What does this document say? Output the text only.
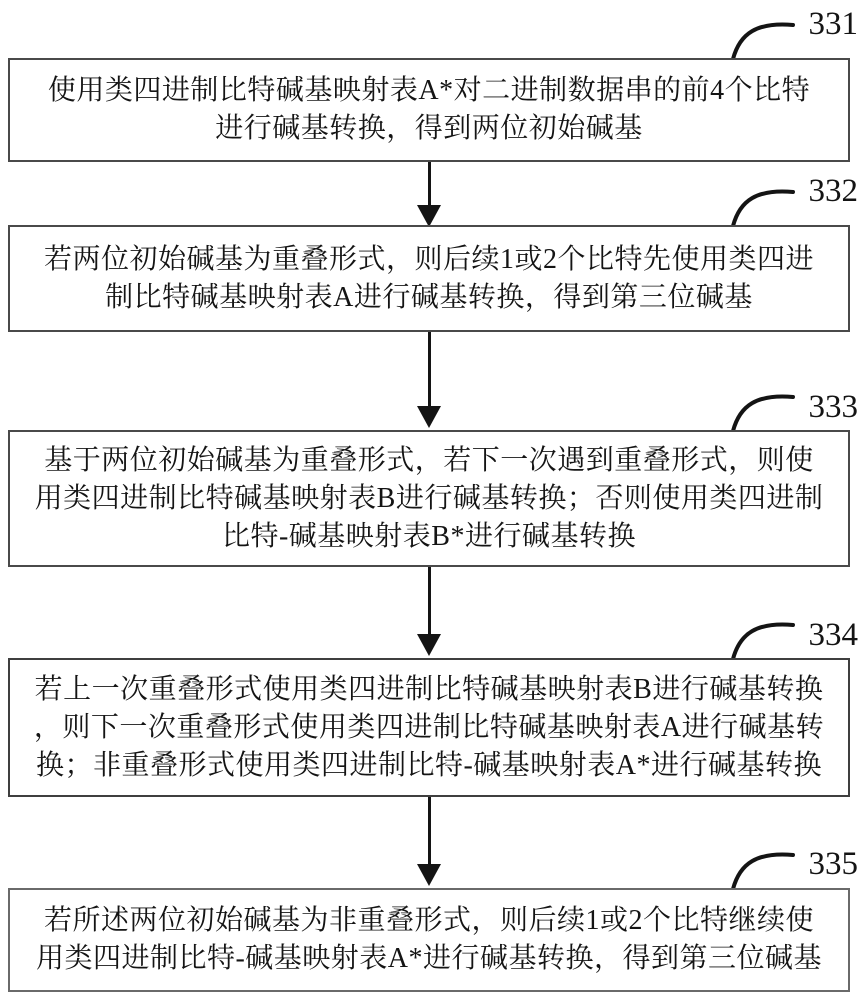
331
使用类四进制比特碱基映射表A*对二进制数据串的前4个比特
进行碱基转换，得到两位初始碱基
332
若两位初始碱基为重叠形式，则后续1或2个比特先使用类四进
制比特碱基映射表A进行碱基转换，得到第三位碱基
333
基于两位初始碱基为重叠形式，若下一次遇到重叠形式，则使
用类四进制比特碱基映射表B进行碱基转换；否则使用类四进制
比特-碱基映射表B*进行碱基转换
334
若上一次重叠形式使用类四进制比特碱基映射表B进行碱基转换
，则下一次重叠形式使用类四进制比特碱基映射表A进行碱基转
换；非重叠形式使用类四进制比特-碱基映射表A*进行碱基转换
335
若所述两位初始碱基为非重叠形式，则后续1或2个比特继续使
用类四进制比特-碱基映射表A*进行碱基转换，得到第三位碱基
